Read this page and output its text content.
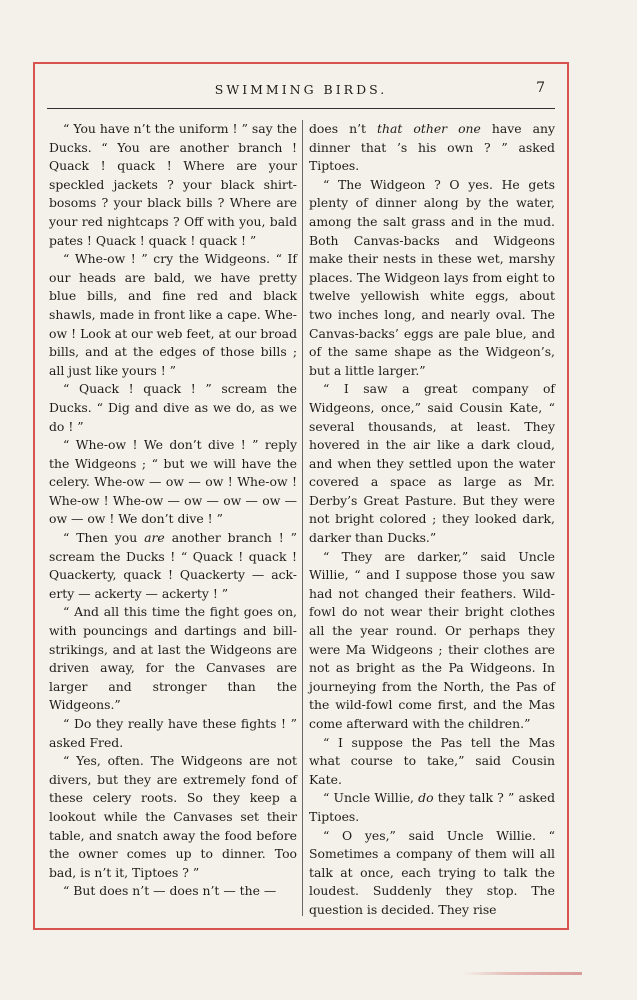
SWIMMING BIRDS.	7

“ You have n’t the uniform ! ” say the Ducks. “ You are another branch ! Quack ! quack ! Where are your speckled jackets ? your black shirt-bosoms ? your black bills ? Where are your red nightcaps ? Off with you, bald pates ! Quack ! quack ! quack ! ”

“ Whe-ow ! ” cry the Widgeons. “ If our heads are bald, we have pretty blue bills, and fine red and black shawls, made in front like a cape. Whe-ow ! Look at our web feet, at our broad bills, and at the edges of those bills ; all just like yours ! ”

“ Quack ! quack ! ” scream the Ducks. “ Dig and dive as we do, as we do ! ”

“ Whe-ow ! We don’t dive ! ” reply the Widgeons ; “ but we will have the celery. Whe-ow — ow — ow ! Whe-ow ! Whe-ow ! Whe-ow — ow — ow — ow — ow — ow ! We don’t dive ! ”

“ Then you are another branch ! ” scream the Ducks ! “ Quack ! quack ! Quackerty, quack ! Quackerty — ack-erty — ackerty — ackerty ! ”

“ And all this time the fight goes on, with pouncings and dartings and bill-strikings, and at last the Widgeons are driven away, for the Canvases are larger and stronger than the Widgeons.”

“ Do they really have these fights ! ” asked Fred.

“ Yes, often. The Widgeons are not divers, but they are extremely fond of these celery roots. So they keep a lookout while the Canvases set their table, and snatch away the food before the owner comes up to dinner. Too bad, is n’t it, Tiptoes ? ”

“ But does n’t — does n’t — the —

does n’t that other one have any dinner that ’s his own ? ” asked Tiptoes.

“ The Widgeon ? O yes. He gets plenty of dinner along by the water, among the salt grass and in the mud. Both Canvas-backs and Widgeons make their nests in these wet, marshy places. The Widgeon lays from eight to twelve yellowish white eggs, about two inches long, and nearly oval. The Canvas-backs’ eggs are pale blue, and of the same shape as the Widgeon’s, but a little larger.”

“ I saw a great company of Widgeons, once,” said Cousin Kate, “ several thousands, at least. They hovered in the air like a dark cloud, and when they settled upon the water covered a space as large as Mr. Derby’s Great Pasture. But they were not bright colored ; they looked dark, darker than Ducks.”

“ They are darker,” said Uncle Willie, “ and I suppose those you saw had not changed their feathers. Wild-fowl do not wear their bright clothes all the year round. Or perhaps they were Ma Widgeons ; their clothes are not as bright as the Pa Widgeons. In journeying from the North, the Pas of the wild-fowl come first, and the Mas come afterward with the children.”

“ I suppose the Pas tell the Mas what course to take,” said Cousin Kate.

“ Uncle Willie, do they talk ? ” asked Tiptoes.

“ O yes,” said Uncle Willie. “ Sometimes a company of them will all talk at once, each trying to talk the loudest. Suddenly they stop. The question is decided. They rise
